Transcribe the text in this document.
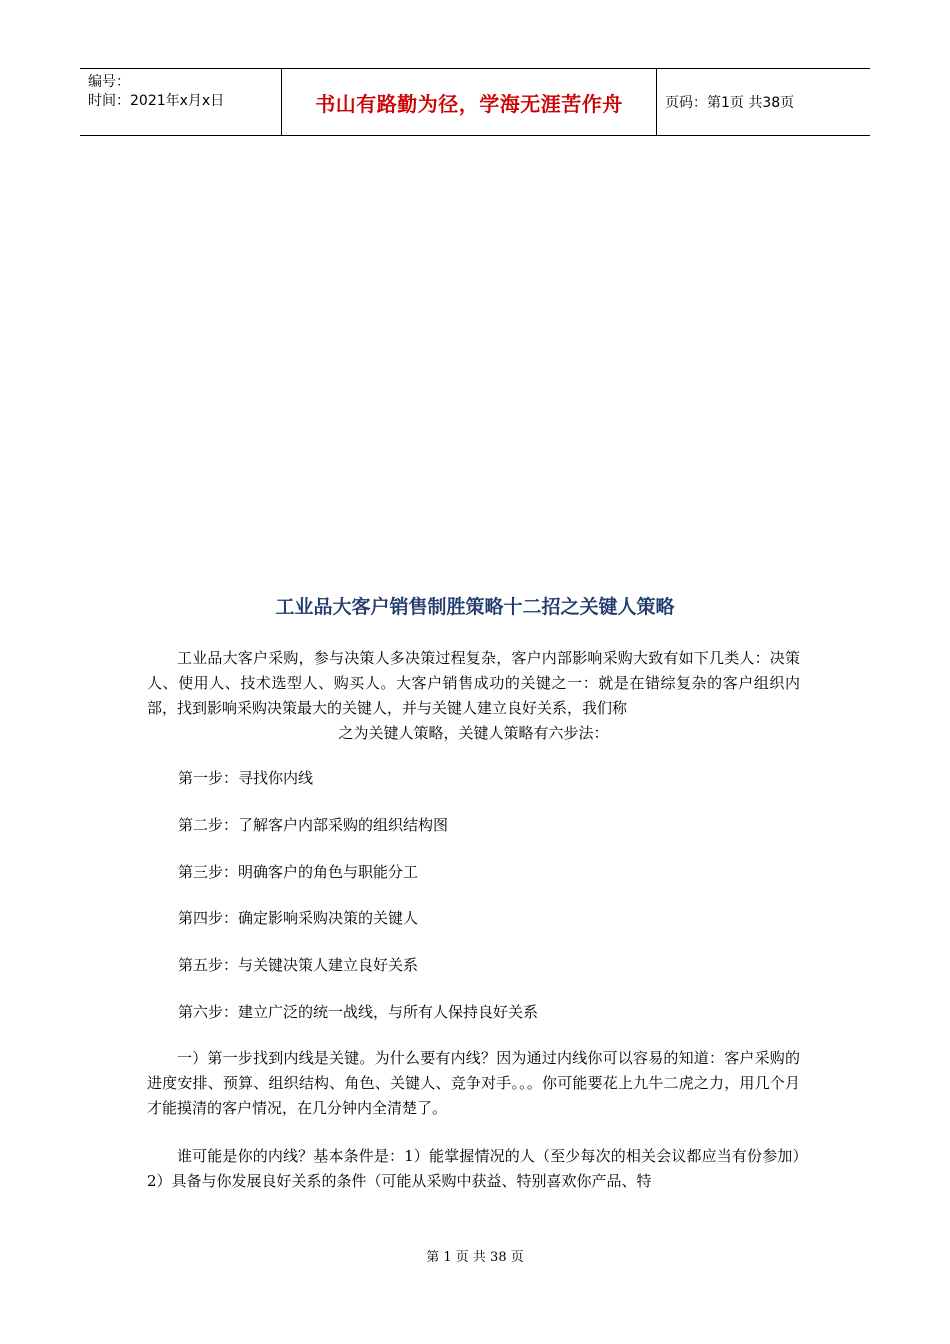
编号：
时间：2021年x月x日	书山有路勤为径，学海无涯苦作舟	页码：第1页 共38页
工业品大客户销售制胜策略十二招之关键人策略

工业品大客户采购，参与决策人多决策过程复杂，客户内部影响采购大致有如下几类人：决策人、使用人、技术选型人、购买人。大客户销售成功的关键之一：就是在错综复杂的客户组织内部，找到影响采购决策最大的关键人，并与关键人建立良好关系，我们称
之为关键人策略，关键人策略有六步法：

第一步：寻找你内线

第二步：了解客户内部采购的组织结构图

第三步：明确客户的角色与职能分工

第四步：确定影响采购决策的关键人

第五步：与关键决策人建立良好关系

第六步：建立广泛的统一战线，与所有人保持良好关系

一）第一步找到内线是关键。为什么要有内线？因为通过内线你可以容易的知道：客户采购的进度安排、预算、组织结构、角色、关键人、竞争对手。。。你可能要花上九牛二虎之力，用几个月才能摸清的客户情况，在几分钟内全清楚了。

谁可能是你的内线？基本条件是：1）能掌握情况的人（至少每次的相关会议都应当有份参加）2）具备与你发展良好关系的条件（可能从采购中获益、特别喜欢你产品、特

第 1 页 共 38 页
